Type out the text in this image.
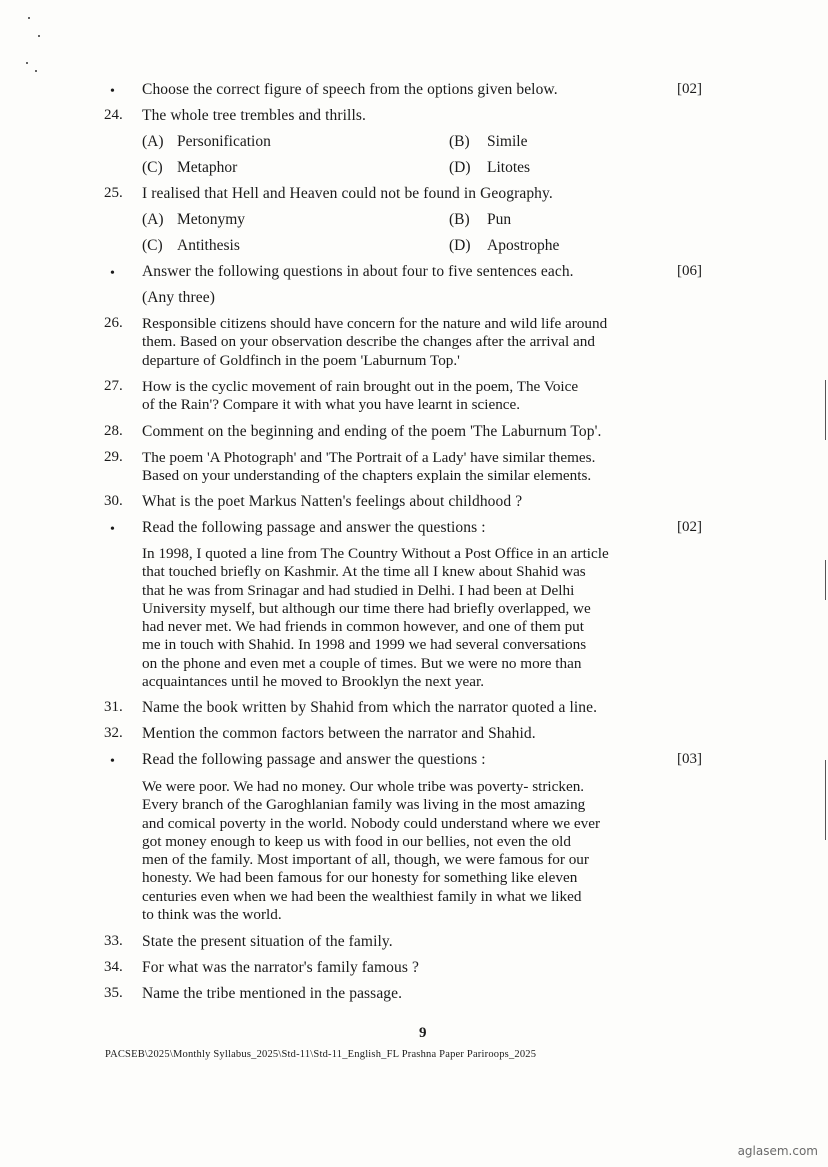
• Choose the correct figure of speech from the options given below.	[02]
24. The whole tree trembles and thrills.
(A) Personification	(B) Simile
(C) Metaphor	(D) Litotes
25. I realised that Hell and Heaven could not be found in Geography.
(A) Metonymy	(B) Pun
(C) Antithesis	(D) Apostrophe
• Answer the following questions in about four to five sentences each.	[06]
(Any three)
26. Responsible citizens should have concern for the nature and wild life around
them. Based on your observation describe the changes after the arrival and
departure of Goldfinch in the poem 'Laburnum Top.'
27. How is the cyclic movement of rain brought out in the poem, The Voice
of the Rain'? Compare it with what you have learnt in science.
28. Comment on the beginning and ending of the poem 'The Laburnum Top'.
29. The poem 'A Photograph' and 'The Portrait of a Lady' have similar themes.
Based on your understanding of the chapters explain the similar elements.
30. What is the poet Markus Natten's feelings about childhood ?
• Read the following passage and answer the questions :	[02]
In 1998, I quoted a line from The Country Without a Post Office in an article
that touched briefly on Kashmir. At the time all I knew about Shahid was
that he was from Srinagar and had studied in Delhi. I had been at Delhi
University myself, but although our time there had briefly overlapped, we
had never met. We had friends in common however, and one of them put
me in touch with Shahid. In 1998 and 1999 we had several conversations
on the phone and even met a couple of times. But we were no more than
acquaintances until he moved to Brooklyn the next year.
31. Name the book written by Shahid from which the narrator quoted a line.
32. Mention the common factors between the narrator and Shahid.
• Read the following passage and answer the questions :	[03]
We were poor. We had no money. Our whole tribe was poverty- stricken.
Every branch of the Garoghlanian family was living in the most amazing
and comical poverty in the world. Nobody could understand where we ever
got money enough to keep us with food in our bellies, not even the old
men of the family. Most important of all, though, we were famous for our
honesty. We had been famous for our honesty for something like eleven
centuries even when we had been the wealthiest family in what we liked
to think was the world.
33. State the present situation of the family.
34. For what was the narrator's family famous ?
35. Name the tribe mentioned in the passage.
9
PACSEB\2025\Monthly Syllabus_2025\Std-11\Std-11_English_FL Prashna Paper Pariroops_2025
aglasem.com
